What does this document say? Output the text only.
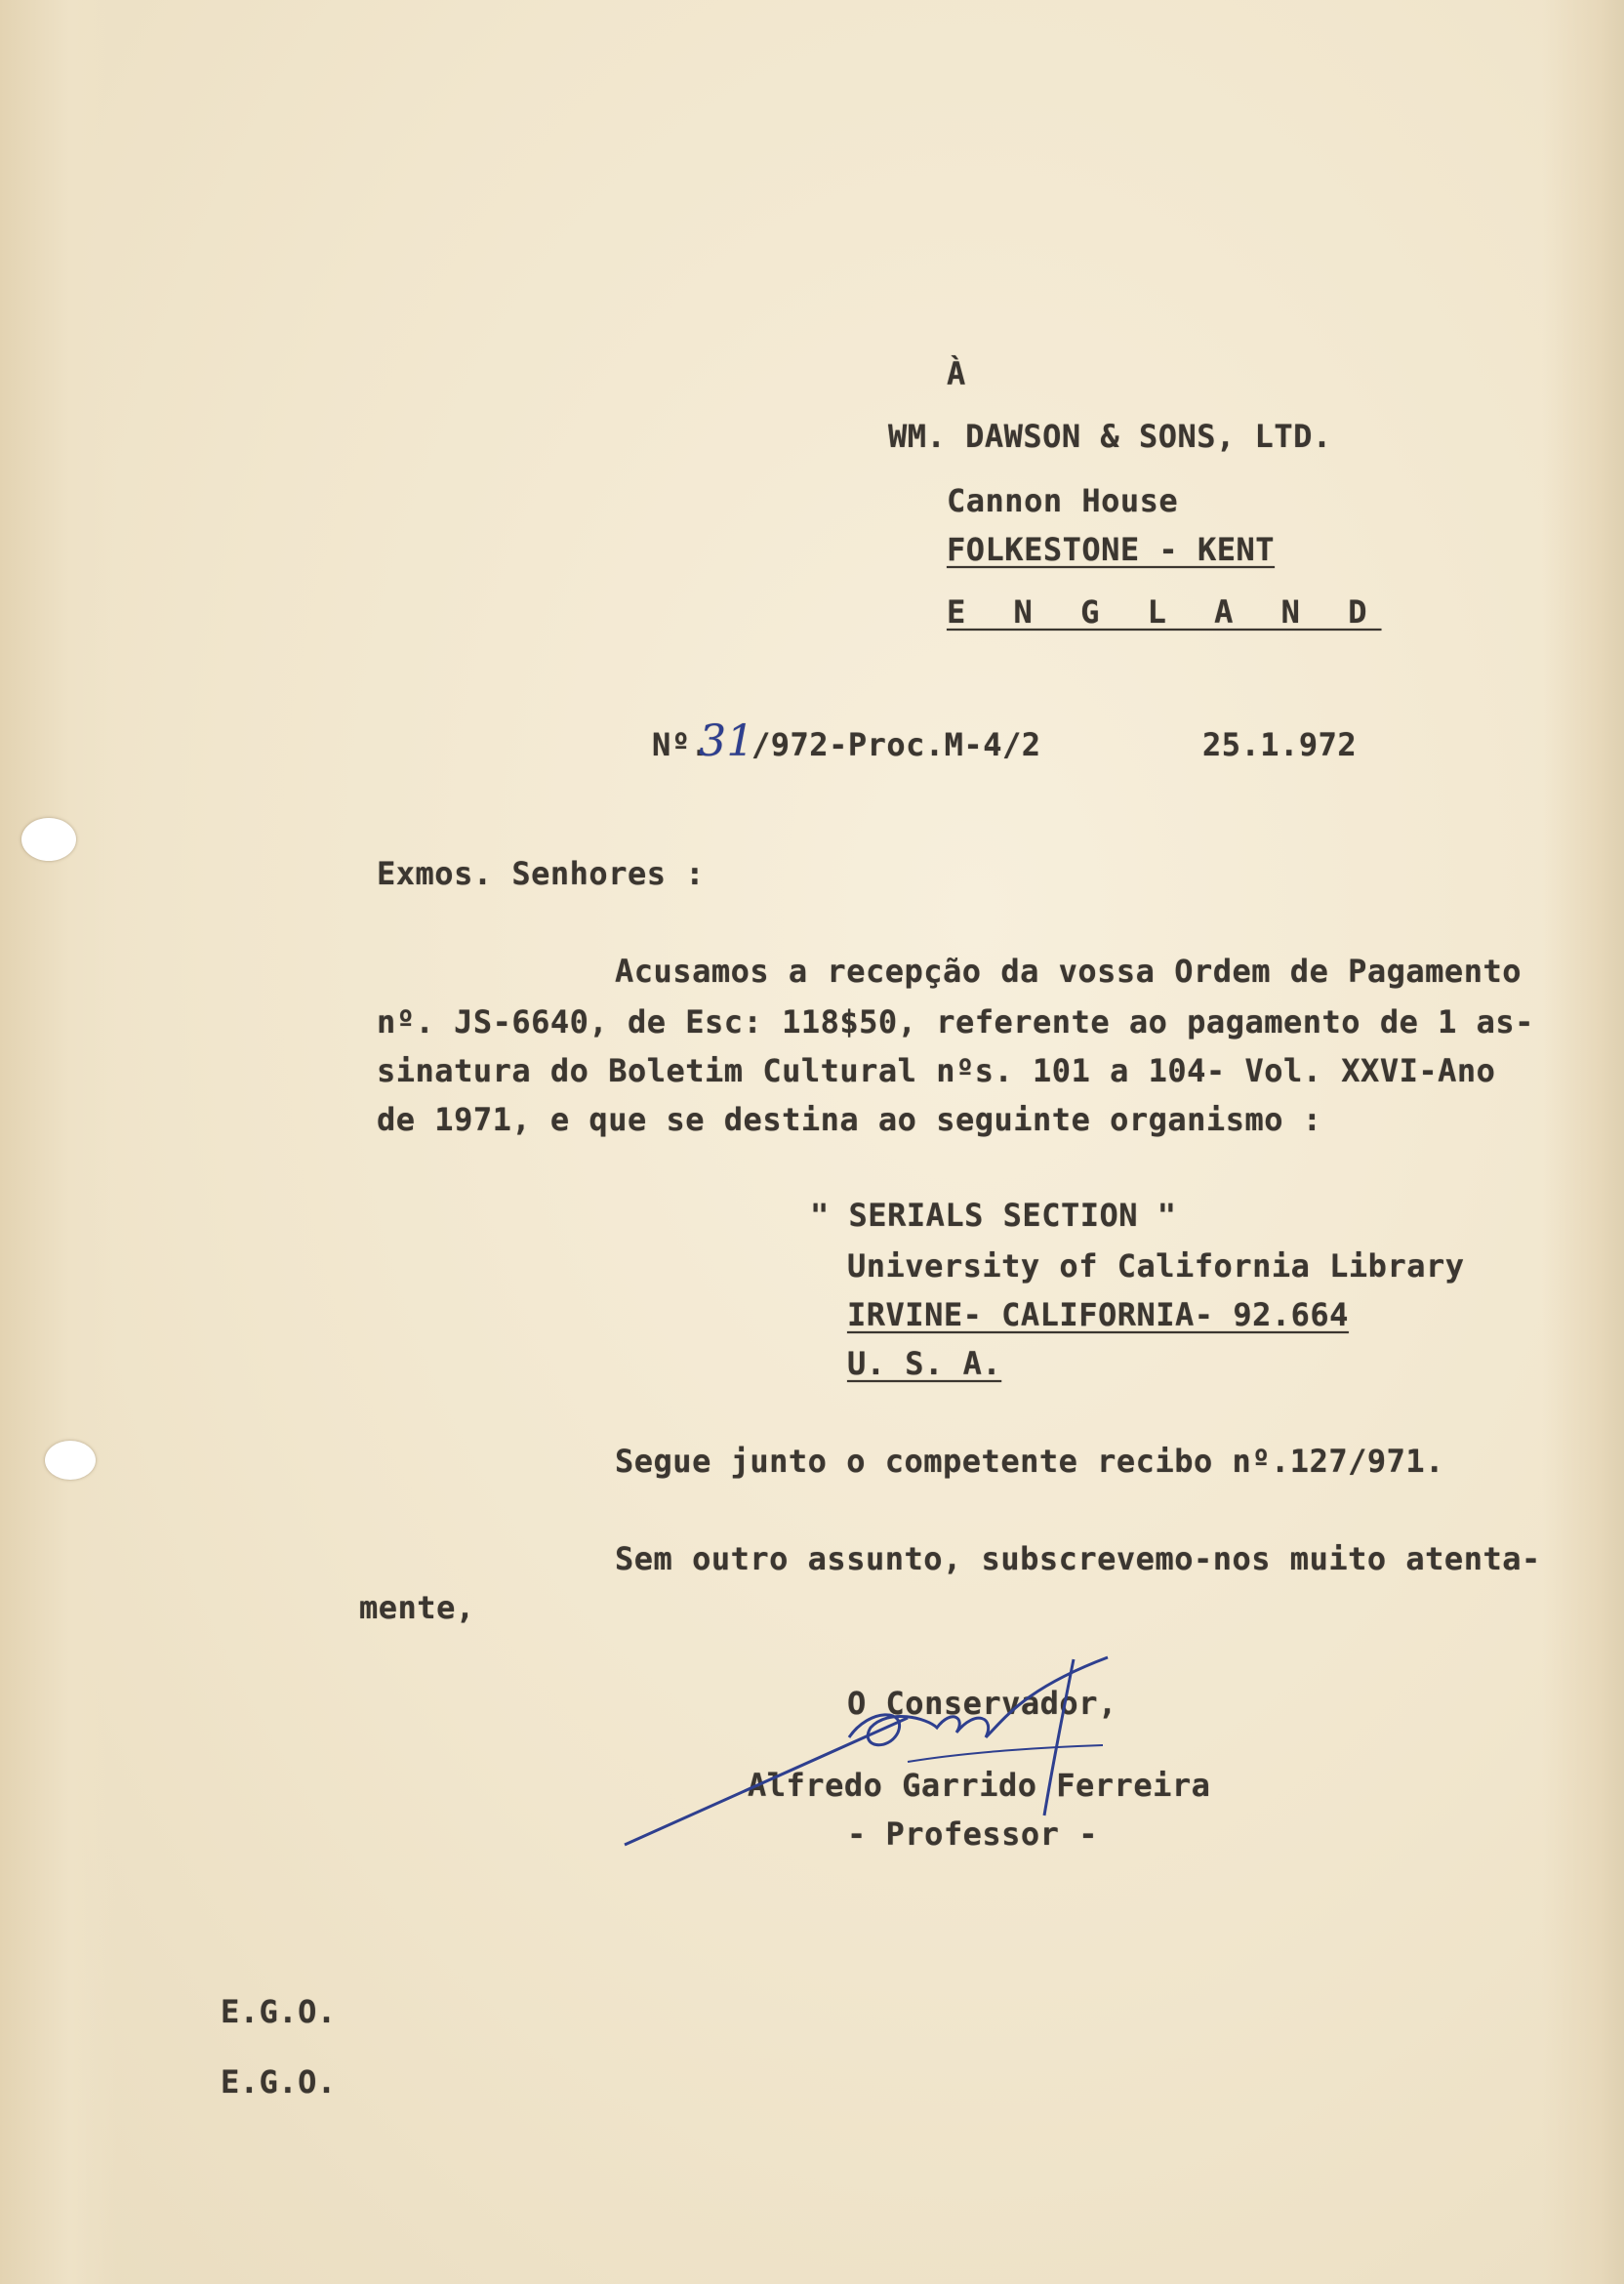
À

WM. DAWSON & SONS, LTD.

Cannon House

FOLKESTONE - KENT

E N G L A N D

Nº.

31

/972-Proc.M-4/2	25.1.972

Exmos. Senhores :

Acusamos a recepção da vossa Ordem de Pagamento

nº. JS-6640, de Esc: 118$50, referente ao pagamento de 1 as-

sinatura do Boletim Cultural nºs. 101 a 104- Vol. XXVI-Ano

de 1971, e que se destina ao seguinte organismo :

" SERIALS SECTION "

University of California Library

IRVINE- CALIFORNIA- 92.664

U. S. A.

Segue junto o competente recibo nº.127/971.

Sem outro assunto, subscrevemo-nos muito atenta-

mente,

O Conservador,

Alfredo Garrido Ferreira

- Professor -

E.G.O.

E.G.O.
